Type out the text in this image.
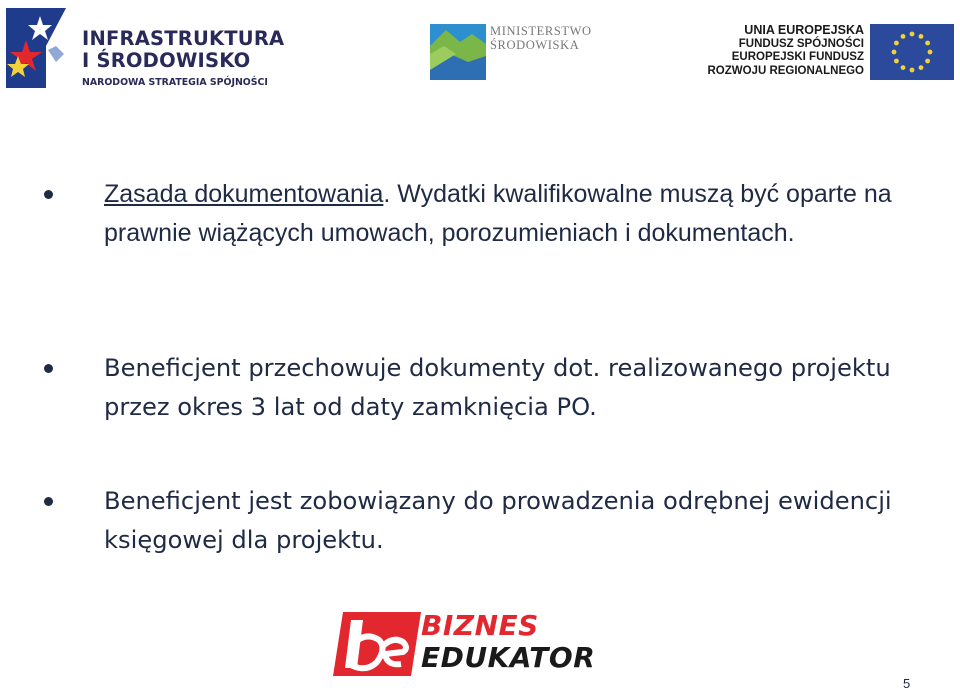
INFRASTRUKTURA
I ŚRODOWISKO
NARODOWA STRATEGIA SPÓJNOŚCI
MINISTERSTWO
ŚRODOWISKA
UNIA EUROPEJSKA
FUNDUSZ SPÓJNOŚCI
EUROPEJSKI FUNDUSZ
ROZWOJU REGIONALNEGO
Zasada dokumentowania. Wydatki kwalifikowalne muszą być oparte na prawnie wiążących umowach, porozumieniach i dokumentach.
Beneficjent przechowuje dokumenty dot. realizowanego projektu przez okres 3 lat od daty zamknięcia PO.
Beneficjent jest zobowiązany do prowadzenia odrębnej ewidencji księgowej dla projektu.
BIZNES
EDUKATOR
5
